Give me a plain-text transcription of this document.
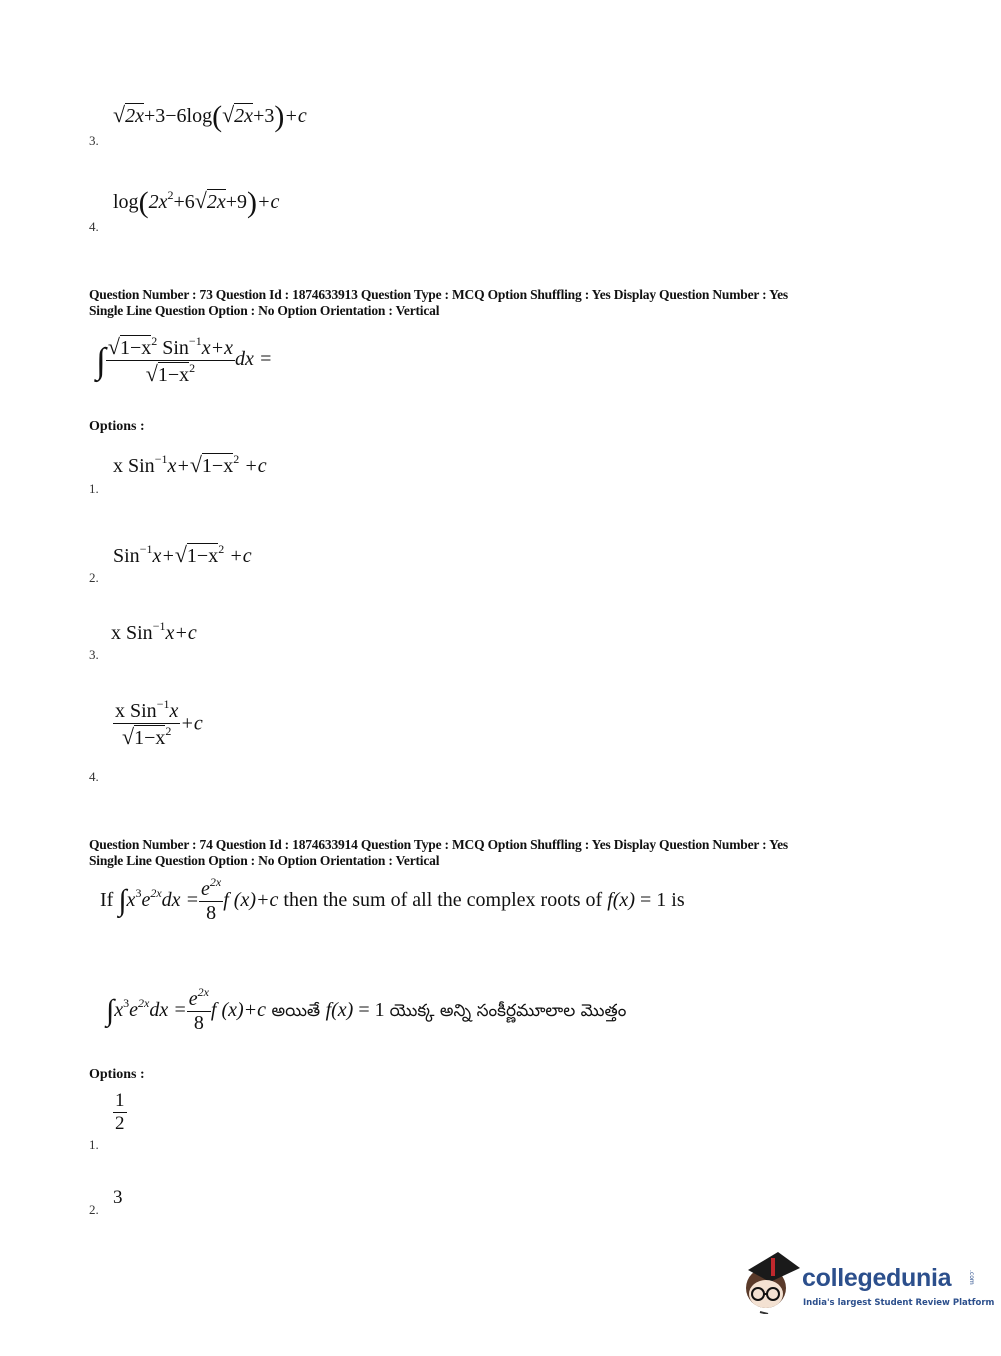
√2x+3−6log(√2x+3)+c
3.
$\log(2x^2+6√2x+9)+c$
4.
Question Number : 73 Question Id : 1874633913 Question Type : MCQ Option Shuffling : Yes Display Question Number : Yes
Single Line Question Option : No Option Orientation : Vertical
∫ $\frac{√1-x^2 Sin^{-1}x+x}{√1-x^2}$ dx =
Options :
x $Sin^{-1}x+√1-x^2 +c$
1.
$Sin^{-1}x+√1-x^2 +c$
2.
x Sin$^{-1}$x+c
3.
$\frac{x Sin^{-1}x}{√1-x^2} +c$
4.
Question Number : 74 Question Id : 1874633914 Question Type : MCQ Option Shuffling : Yes Display Question Number : Yes
Single Line Question Option : No Option Orientation : Vertical
If $\int x^3e^{2x}dx = \frac{e^{2x}}{8}$ f (x)+c then the sum of all the complex roots of f(x) = 1 is
$\int x^3e^{2x}dx = \frac{e^{2x}}{8}$ f (x)+c అయితే f(x) = 1 యొక్క అన్ని సంకీర్ణమూలాల మొత్తం
Options :
$\frac{1}{2}$
1.
3
2.
collegedunia	.com
India's largest Student Review Platform
